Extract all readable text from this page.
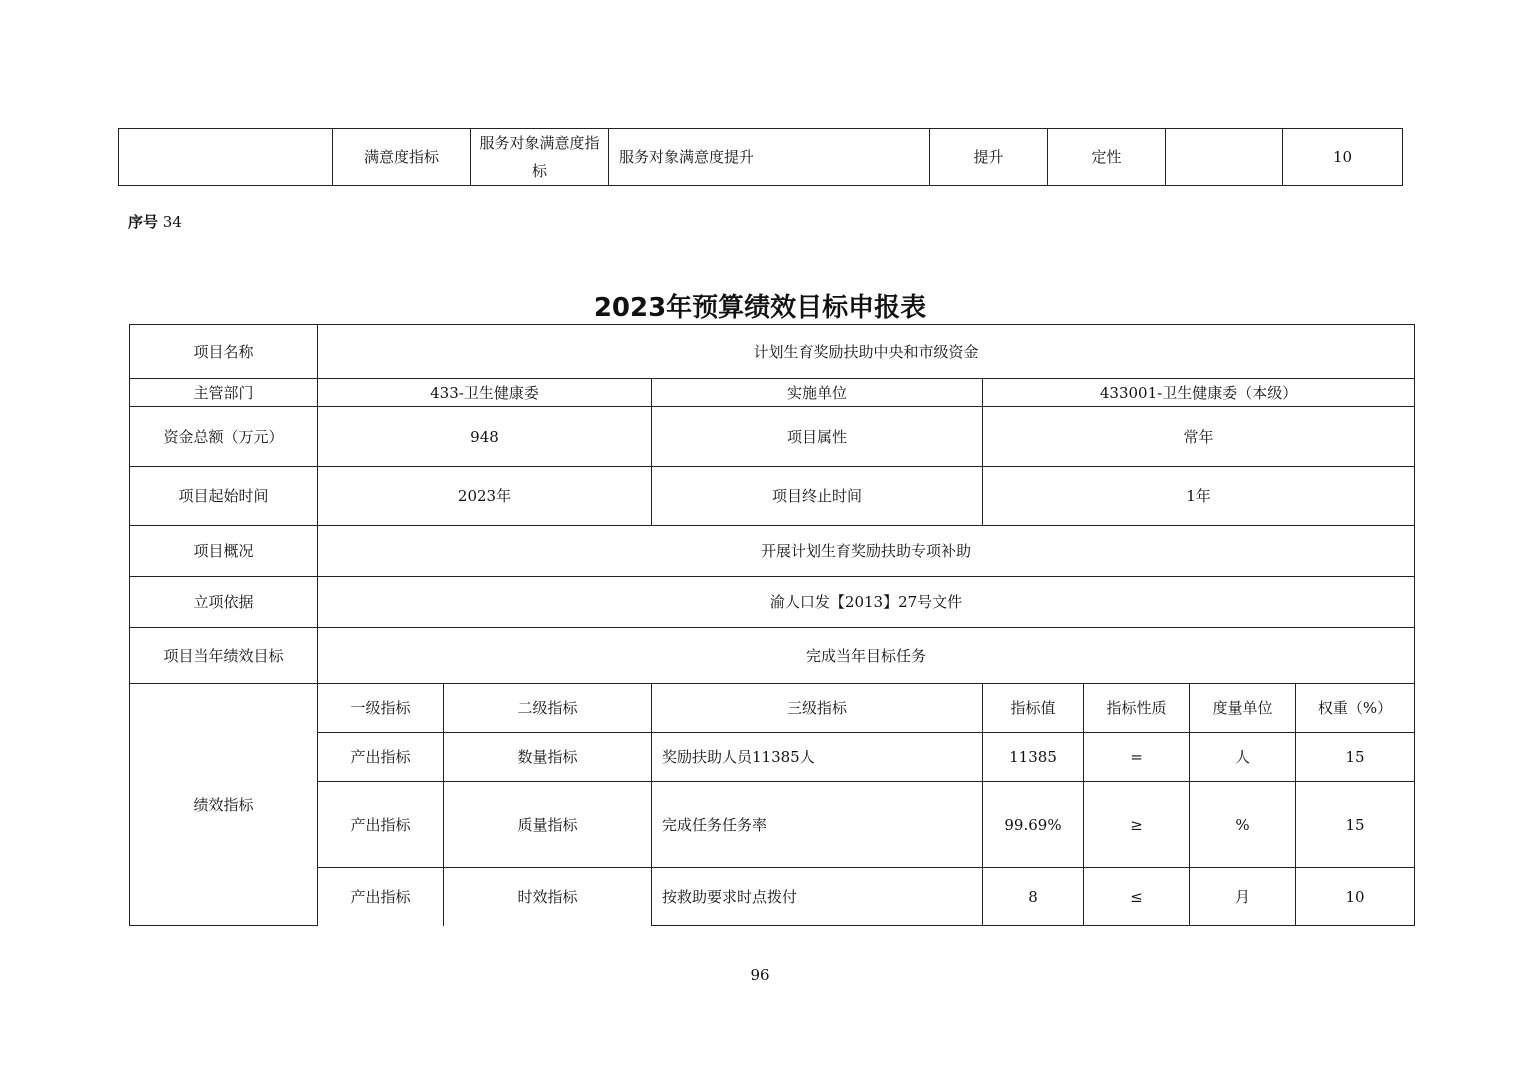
	满意度指标	服务对象满意度指标	服务对象满意度提升	提升	定性		10
序号 34
2023年预算绩效目标申报表
项目名称	计划生育奖励扶助中央和市级资金						
主管部门	433-卫生健康委		实施单位	433001-卫生健康委（本级）			
资金总额（万元）	948		项目属性	常年			
项目起始时间	2023年		项目终止时间	1年			
项目概况	开展计划生育奖励扶助专项补助						
立项依据	渝人口发【2013】27号文件						
项目当年绩效目标	完成当年目标任务						
绩效指标	一级指标	二级指标	三级指标	指标值	指标性质	度量单位	权重（%）
	产出指标	数量指标	奖励扶助人员11385人	11385	=	人	15
	产出指标	质量指标	完成任务任务率	99.69%	≥	%	15
	产出指标	时效指标	按救助要求时点拨付	8	≤	月	10
96
